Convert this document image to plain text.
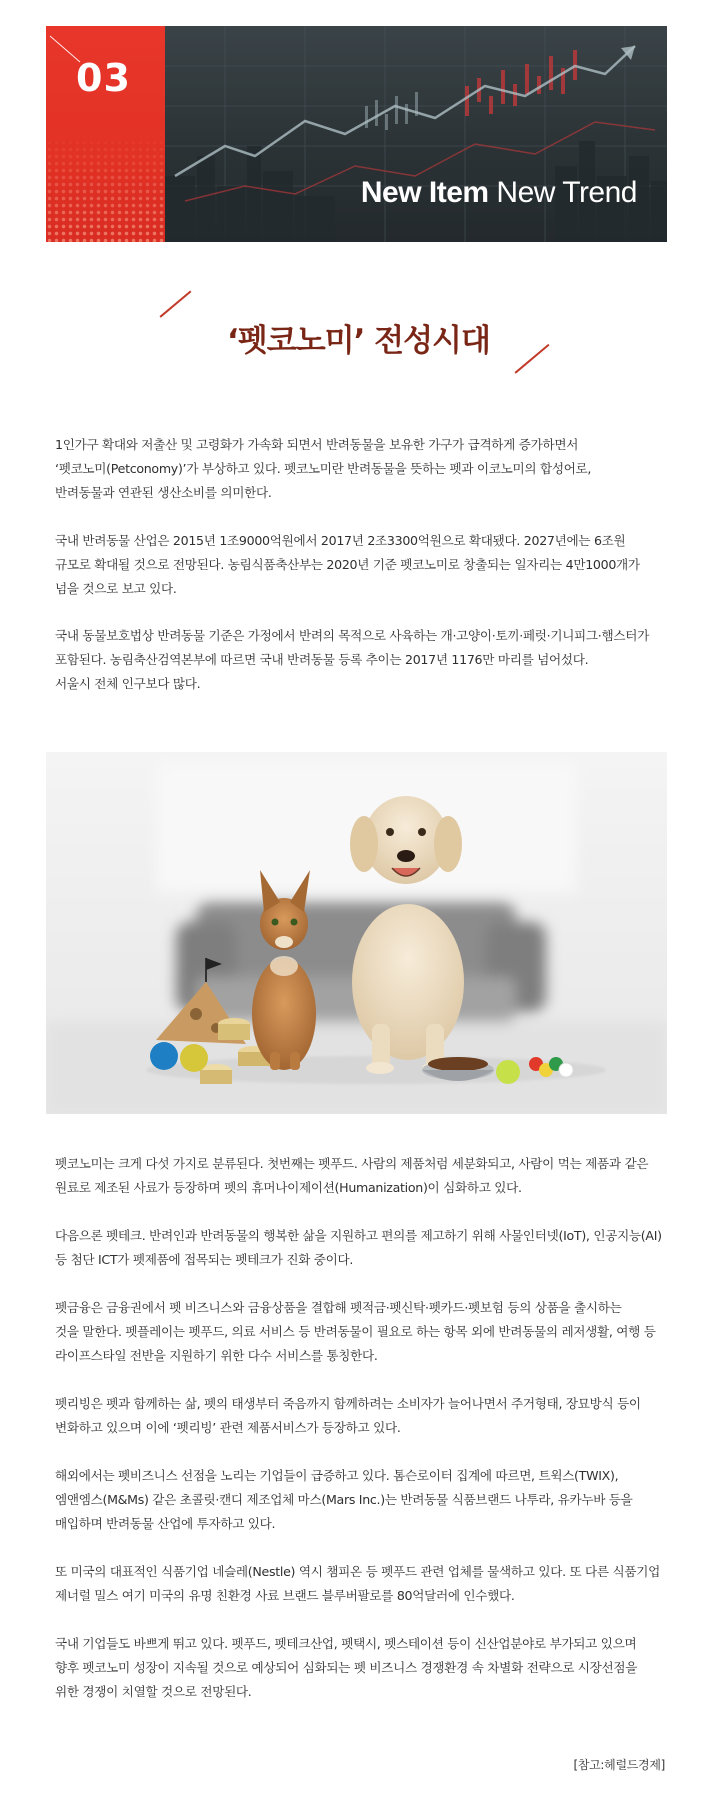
03
New Item New Trend
‘펫코노미’ 전성시대
1인가구 확대와 저출산 및 고령화가 가속화 되면서 반려동물을 보유한 가구가 급격하게 증가하면서
‘펫코노미(Petconomy)’가 부상하고 있다. 펫코노미란 반려동물을 뜻하는 펫과 이코노미의 합성어로,
반려동물과 연관된 생산소비를 의미한다.
국내 반려동물 산업은 2015년 1조9000억원에서 2017년 2조3300억원으로 확대됐다. 2027년에는 6조원
규모로 확대될 것으로 전망된다. 농림식품축산부는 2020년 기준 펫코노미로 창출되는 일자리는 4만1000개가
넘을 것으로 보고 있다.
국내 동물보호법상 반려동물 기준은 가정에서 반려의 목적으로 사육하는 개·고양이·토끼·페럿·기니피그·햄스터가
포함된다. 농림축산검역본부에 따르면 국내 반려동물 등록 추이는 2017년 1176만 마리를 넘어섰다.
서울시 전체 인구보다 많다.
펫코노미는 크게 다섯 가지로 분류된다. 첫번째는 펫푸드. 사람의 제품처럼 세분화되고, 사람이 먹는 제품과 같은
원료로 제조된 사료가 등장하며 펫의 휴머나이제이션(Humanization)이 심화하고 있다.
다음으론 펫테크. 반려인과 반려동물의 행복한 삶을 지원하고 편의를 제고하기 위해 사물인터넷(IoT), 인공지능(AI)
등 첨단 ICT가 펫제품에 접목되는 펫테크가 진화 중이다.
펫금융은 금융권에서 펫 비즈니스와 금융상품을 결합해 펫적금·펫신탁·펫카드·펫보험 등의 상품을 출시하는
것을 말한다. 펫플레이는 펫푸드, 의료 서비스 등 반려동물이 필요로 하는 항목 외에 반려동물의 레저생활, 여행 등
라이프스타일 전반을 지원하기 위한 다수 서비스를 통칭한다.
펫리빙은 펫과 함께하는 삶, 펫의 태생부터 죽음까지 함께하려는 소비자가 늘어나면서 주거형태, 장묘방식 등이
변화하고 있으며 이에 ‘펫리빙’ 관련 제품서비스가 등장하고 있다.
해외에서는 펫비즈니스 선점을 노리는 기업들이 급증하고 있다. 톰슨로이터 집계에 따르면, 트윅스(TWIX),
엠앤엠스(M&Ms) 같은 초콜릿·캔디 제조업체 마스(Mars Inc.)는 반려동물 식품브랜드 나투라, 유카누바 등을
매입하며 반려동물 산업에 투자하고 있다.
또 미국의 대표적인 식품기업 네슬레(Nestle) 역시 챔피온 등 펫푸드 관련 업체를 물색하고 있다. 또 다른 식품기업
제너럴 밀스 여기 미국의 유명 친환경 사료 브랜드 블루버팔로를 80억달러에 인수했다.
국내 기업들도 바쁘게 뛰고 있다. 펫푸드, 펫테크산업, 펫택시, 펫스테이션 등이 신산업분야로 부가되고 있으며
향후 펫코노미 성장이 지속될 것으로 예상되어 심화되는 펫 비즈니스 경쟁환경 속 차별화 전략으로 시장선점을
위한 경쟁이 치열할 것으로 전망된다.
[참고:헤럴드경제]
